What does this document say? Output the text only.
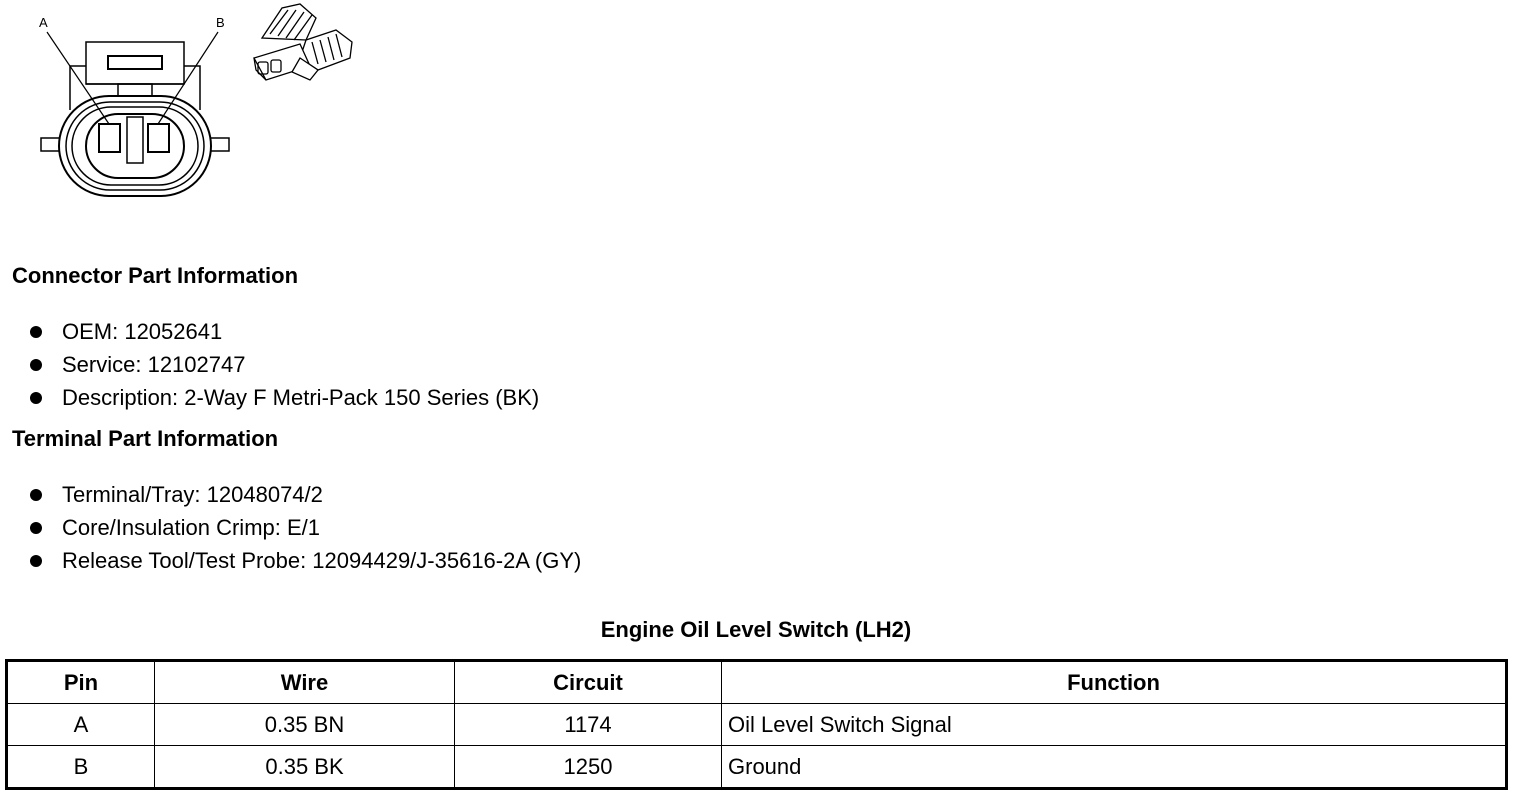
A	B
Connector Part Information
OEM: 12052641
Service: 12102747
Description: 2-Way F Metri-Pack 150 Series (BK)
Terminal Part Information
Terminal/Tray: 12048074/2
Core/Insulation Crimp: E/1
Release Tool/Test Probe: 12094429/J-35616-2A (GY)
Engine Oil Level Switch (LH2)
Pin	Wire	Circuit	Function
A	0.35 BN	1174	Oil Level Switch Signal
B	0.35 BK	1250	Ground
